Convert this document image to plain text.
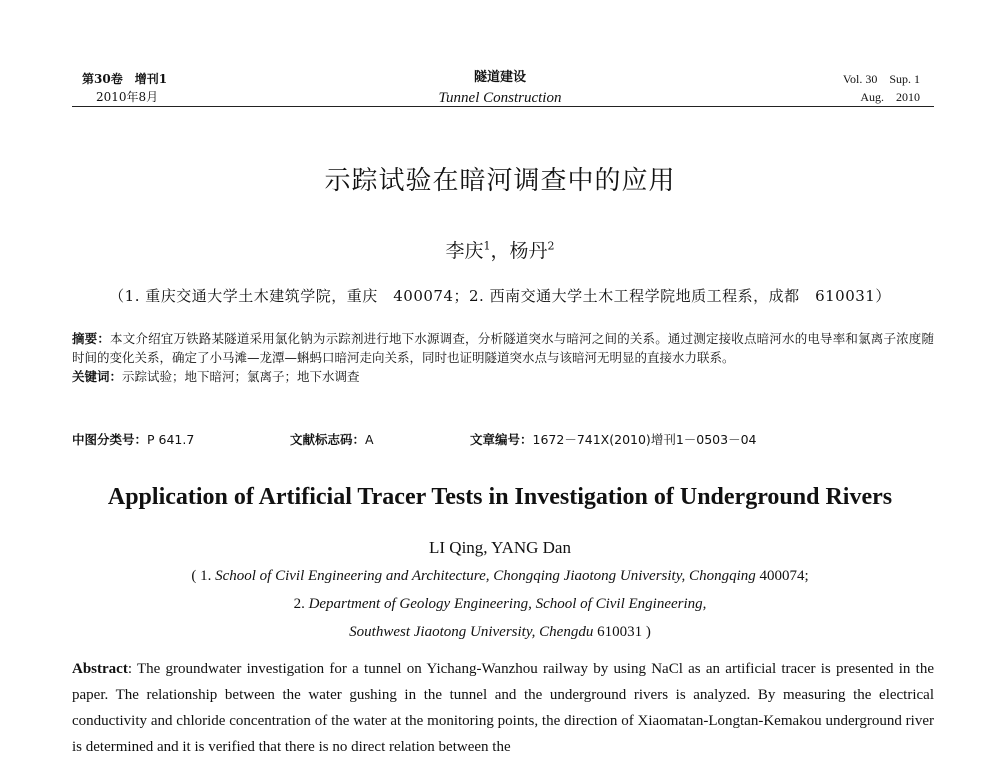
第30卷　增刊1
2010年8月
隧道建设
Tunnel Construction
Vol. 30　Sup. 1
Aug.　2010
示踪试验在暗河调查中的应用
李庆$^1$，杨丹$^2$
（1. 重庆交通大学土木建筑学院，重庆　400074；2. 西南交通大学土木工程学院地质工程系，成都　610031）
摘要：本文介绍宜万铁路某隧道采用氯化钠为示踪剂进行地下水源调查，分析隧道突水与暗河之间的关系。通过测定接收点暗河水的电导率和氯离子浓度随时间的变化关系，确定了小马滩—龙潭—蝌蚂口暗河走向关系，同时也证明隧道突水点与该暗河无明显的直接水力联系。
关键词：示踪试验；地下暗河；氯离子；地下水调查
中图分类号：P 641.7	文献标志码：A	文章编号：1672－741X(2010)增刊1－0503－04
Application of Artificial Tracer Tests in Investigation of Underground Rivers
LI Qing, YANG Dan
( 1. School of Civil Engineering and Architecture, Chongqing Jiaotong University, Chongqing 400074;
2. Department of Geology Engineering, School of Civil Engineering,
Southwest Jiaotong University, Chengdu 610031 )
Abstract: The groundwater investigation for a tunnel on Yichang-Wanzhou railway by using NaCl as an artificial tracer is presented in the paper. The relationship between the water gushing in the tunnel and the underground rivers is analyzed. By measuring the electrical conductivity and chloride concentration of the water at the monitoring points, the direction of Xiaomatan-Longtan-Kemakou underground river is determined and it is verified that there is no direct relation between the
